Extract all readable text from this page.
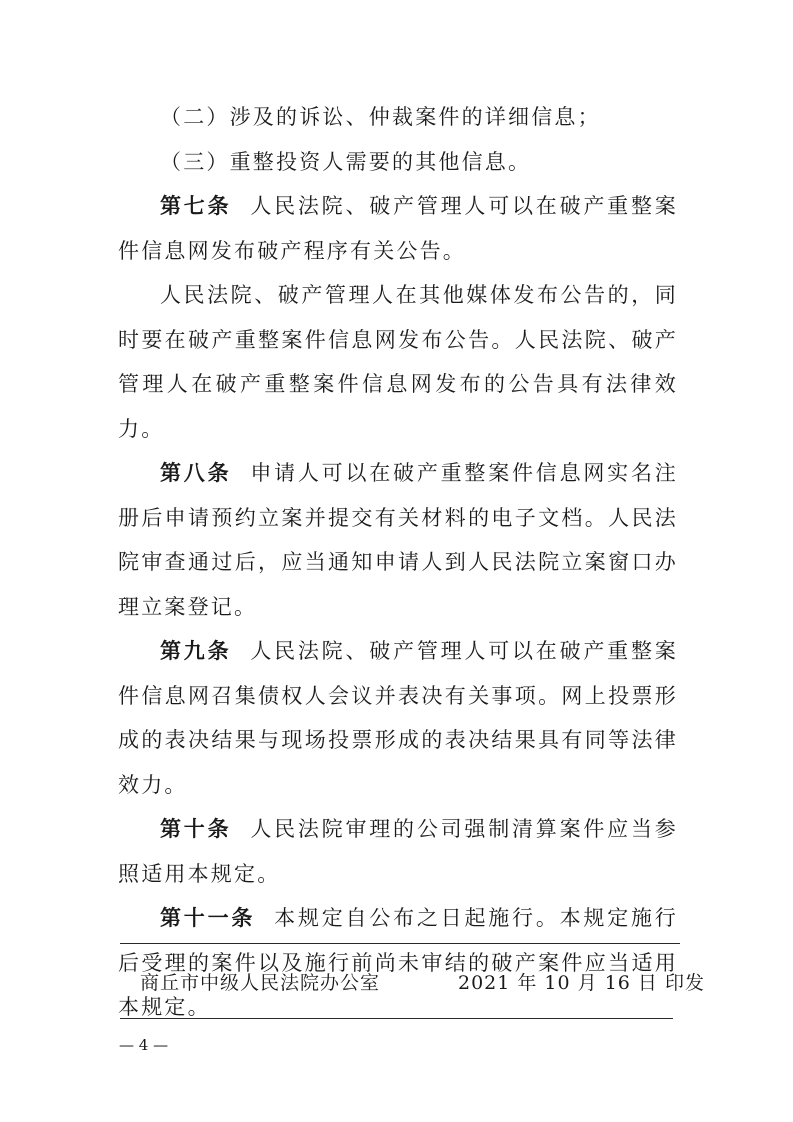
（二）涉及的诉讼、仲裁案件的详细信息；

（三）重整投资人需要的其他信息。

第七条 人民法院、破产管理人可以在破产重整案件信息网发布破产程序有关公告。

人民法院、破产管理人在其他媒体发布公告的，同时要在破产重整案件信息网发布公告。人民法院、破产管理人在破产重整案件信息网发布的公告具有法律效力。

第八条 申请人可以在破产重整案件信息网实名注册后申请预约立案并提交有关材料的电子文档。人民法院审查通过后，应当通知申请人到人民法院立案窗口办理立案登记。

第九条 人民法院、破产管理人可以在破产重整案件信息网召集债权人会议并表决有关事项。网上投票形成的表决结果与现场投票形成的表决结果具有同等法律效力。

第十条 人民法院审理的公司强制清算案件应当参照适用本规定。

第十一条 本规定自公布之日起施行。本规定施行后受理的案件以及施行前尚未审结的破产案件应当适用本规定。

商丘市中级人民法院办公室	2021 年 10 月 16 日 印发
— 4 —
